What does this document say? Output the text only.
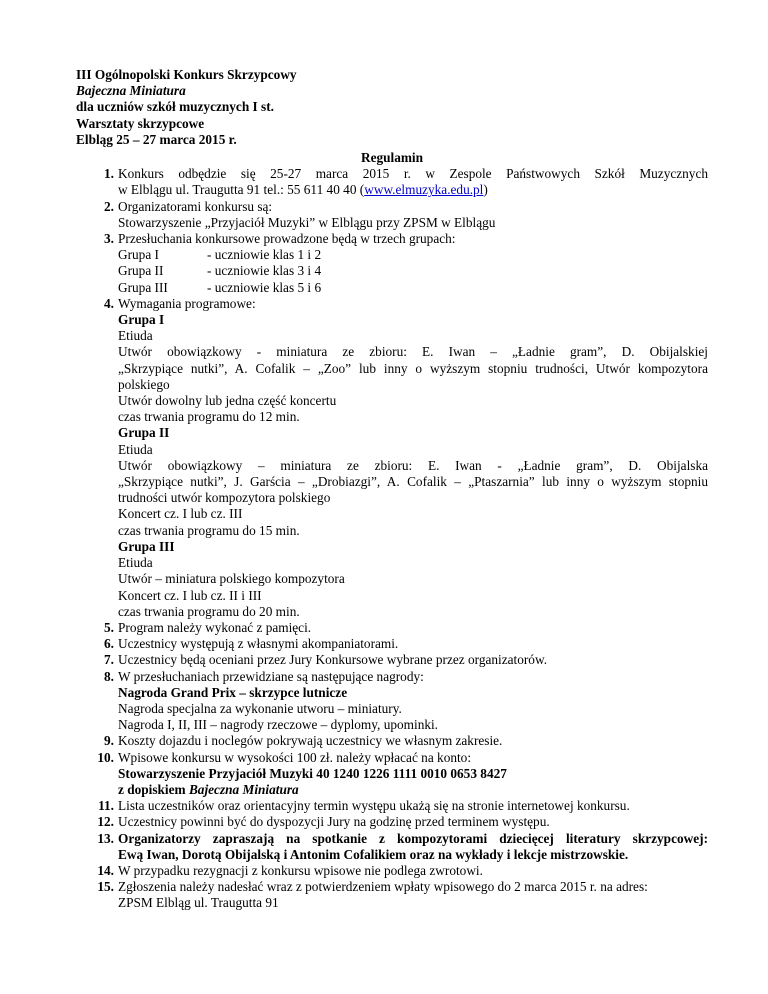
III Ogólnopolski Konkurs Skrzypcowy
Bajeczna Miniatura
dla uczniów szkół muzycznych I st.
Warsztaty skrzypcowe
Elbląg 25 – 27 marca 2015 r.
Regulamin
1. Konkurs odbędzie się 25-27 marca 2015 r. w Zespole Państwowych Szkół Muzycznych
w Elblągu ul. Traugutta 91 tel.: 55 611 40 40 (www.elmuzyka.edu.pl)
2. Organizatorami konkursu są:
Stowarzyszenie „Przyjaciół Muzyki” w Elblągu przy ZPSM w Elblągu
3. Przesłuchania konkursowe prowadzone będą w trzech grupach:
Grupa I	- uczniowie klas 1 i 2
Grupa II	- uczniowie klas 3 i 4
Grupa III	- uczniowie klas 5 i 6
4. Wymagania programowe:
Grupa I
Etiuda
Utwór obowiązkowy - miniatura ze zbioru: E. Iwan – „Ładnie gram”, D. Obijalskiej
„Skrzypiące nutki”, A. Cofalik – „Zoo” lub inny o wyższym stopniu trudności, Utwór kompozytora
polskiego
Utwór dowolny lub jedna część koncertu
czas trwania programu do 12 min.
Grupa II
Etiuda
Utwór obowiązkowy – miniatura ze zbioru: E. Iwan - „Ładnie gram”, D. Obijalska
„Skrzypiące nutki”, J. Garścia – „Drobiazgi”, A. Cofalik – „Ptaszarnia” lub inny o wyższym stopniu
trudności utwór kompozytora polskiego
Koncert cz. I lub cz. III
czas trwania programu do 15 min.
Grupa III
Etiuda
Utwór – miniatura polskiego kompozytora
Koncert cz. I lub cz. II i III
czas trwania programu do 20 min.
5. Program należy wykonać z pamięci.
6. Uczestnicy występują z własnymi akompaniatorami.
7. Uczestnicy będą oceniani przez Jury Konkursowe wybrane przez organizatorów.
8. W przesłuchaniach przewidziane są następujące nagrody:
Nagroda Grand Prix – skrzypce lutnicze
Nagroda specjalna za wykonanie utworu – miniatury.
Nagroda I, II, III – nagrody rzeczowe – dyplomy, upominki.
9. Koszty dojazdu i noclegów pokrywają uczestnicy we własnym zakresie.
10. Wpisowe konkursu w wysokości 100 zł. należy wpłacać na konto:
Stowarzyszenie Przyjaciół Muzyki 40 1240 1226 1111 0010 0653 8427
z dopiskiem Bajeczna Miniatura
11. Lista uczestników oraz orientacyjny termin występu ukażą się na stronie internetowej konkursu.
12. Uczestnicy powinni być do dyspozycji Jury na godzinę przed terminem występu.
13. Organizatorzy zapraszają na spotkanie z kompozytorami dziecięcej literatury skrzypcowej:
Ewą Iwan, Dorotą Obijalską i Antonim Cofalikiem oraz na wykłady i lekcje mistrzowskie.
14. W przypadku rezygnacji z konkursu wpisowe nie podlega zwrotowi.
15. Zgłoszenia należy nadesłać wraz z potwierdzeniem wpłaty wpisowego do 2 marca 2015 r. na adres:
ZPSM Elbląg ul. Traugutta 91
